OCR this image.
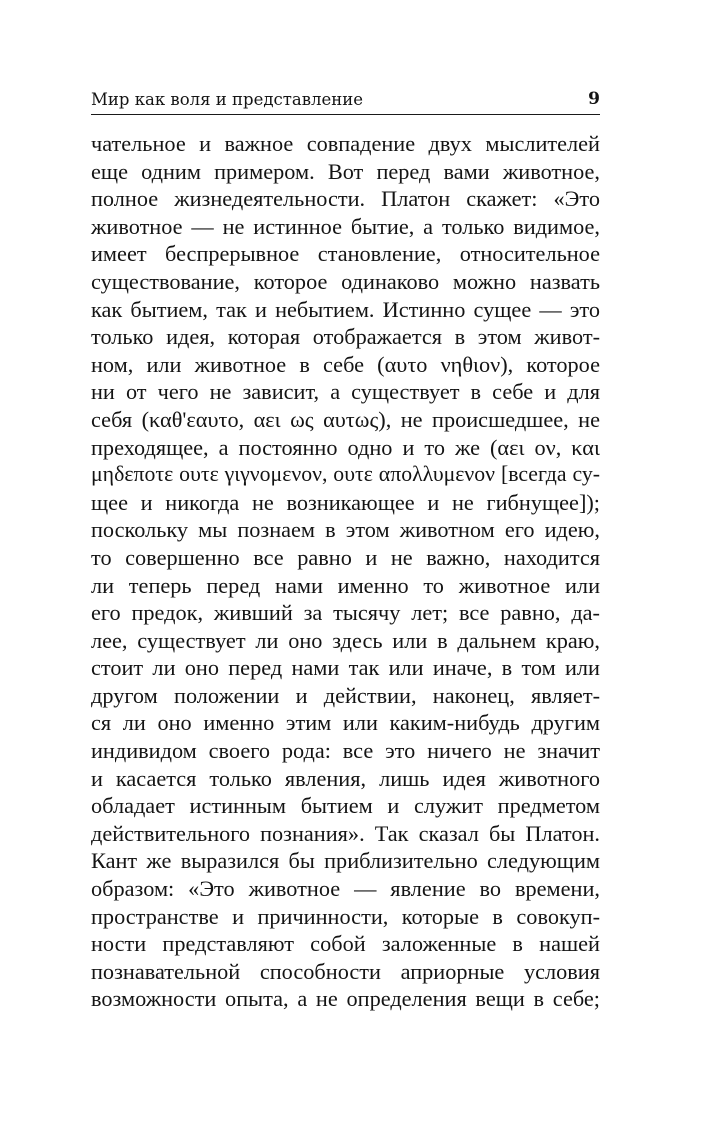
Мир как воля и представление	9
чательное и важное совпадение двух мыслителей
еще одним примером. Вот перед вами животное,
полное жизнедеятельности. Платон скажет: «Это
животное — не истинное бытие, а только видимое,
имеет беспрерывное становление, относительное
существование, которое одинаково можно назвать
как бытием, так и небытием. Истинно сущее — это
только идея, которая отображается в этом живот-
ном, или животное в себе (αυτο νηθιον), которое
ни от чего не зависит, а существует в себе и для
себя (καθ'εαυτο, αει ως αυτως), не происшедшее, не
преходящее, а постоянно одно и то же (αει ον, και
μηδεποτε ουτε γιγνομενον, ουτε απολλυμενον [всегда су-
щее и никогда не возникающее и не гибнущее]);
поскольку мы познаем в этом животном его идею,
то совершенно все равно и не важно, находится
ли теперь перед нами именно то животное или
его предок, живший за тысячу лет; все равно, да-
лее, существует ли оно здесь или в дальнем краю,
стоит ли оно перед нами так или иначе, в том или
другом положении и действии, наконец, являет-
ся ли оно именно этим или каким-нибудь другим
индивидом своего рода: все это ничего не значит
и касается только явления, лишь идея животного
обладает истинным бытием и служит предметом
действительного познания». Так сказал бы Платон.
Кант же выразился бы приблизительно следующим
образом: «Это животное — явление во времени,
пространстве и причинности, которые в совокуп-
ности представляют собой заложенные в нашей
познавательной способности априорные условия
возможности опыта, а не определения вещи в себе;
